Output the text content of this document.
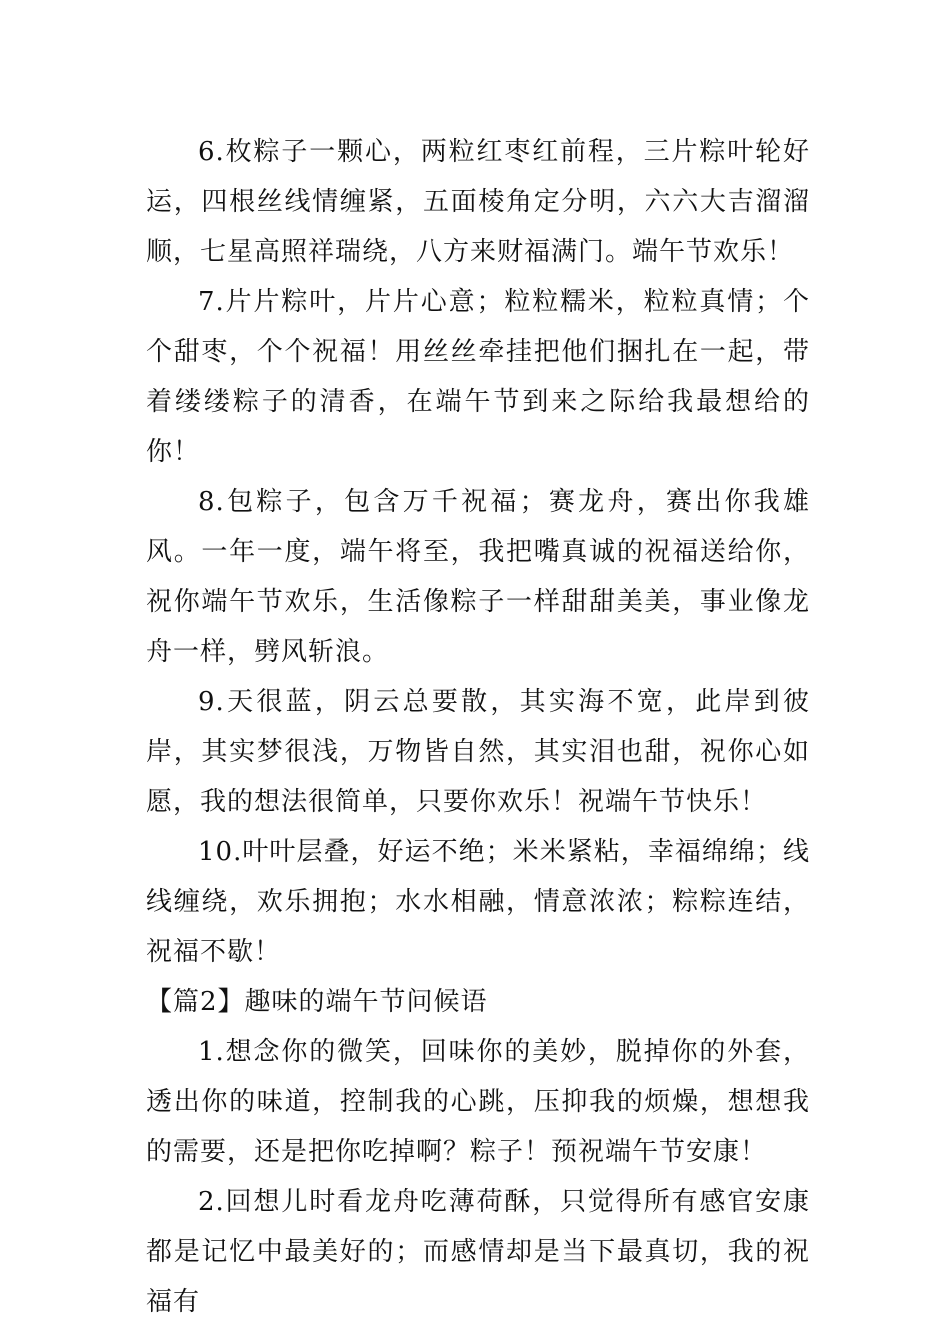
6.枚粽子一颗心，两粒红枣红前程，三片粽叶轮好运，四根丝线情缠紧，五面棱角定分明，六六大吉溜溜顺，七星高照祥瑞绕，八方来财福满门。端午节欢乐！

7.片片粽叶，片片心意；粒粒糯米，粒粒真情；个个甜枣，个个祝福！用丝丝牵挂把他们捆扎在一起，带着缕缕粽子的清香，在端午节到来之际给我最想给的你！

8.包粽子，包含万千祝福；赛龙舟，赛出你我雄风。一年一度，端午将至，我把嘴真诚的祝福送给你，祝你端午节欢乐，生活像粽子一样甜甜美美，事业像龙舟一样，劈风斩浪。

9.天很蓝，阴云总要散，其实海不宽，此岸到彼岸，其实梦很浅，万物皆自然，其实泪也甜，祝你心如愿，我的想法很简单，只要你欢乐！祝端午节快乐！

10.叶叶层叠，好运不绝；米米紧粘，幸福绵绵；线线缠绕，欢乐拥抱；水水相融，情意浓浓；粽粽连结，祝福不歇！

【篇2】趣味的端午节问候语

1.想念你的微笑，回味你的美妙，脱掉你的外套，透出你的味道，控制我的心跳，压抑我的烦燥，想想我的需要，还是把你吃掉啊？粽子！预祝端午节安康！

2.回想儿时看龙舟吃薄荷酥，只觉得所有感官安康都是记忆中最美好的；而感情却是当下最真切，我的祝福有
